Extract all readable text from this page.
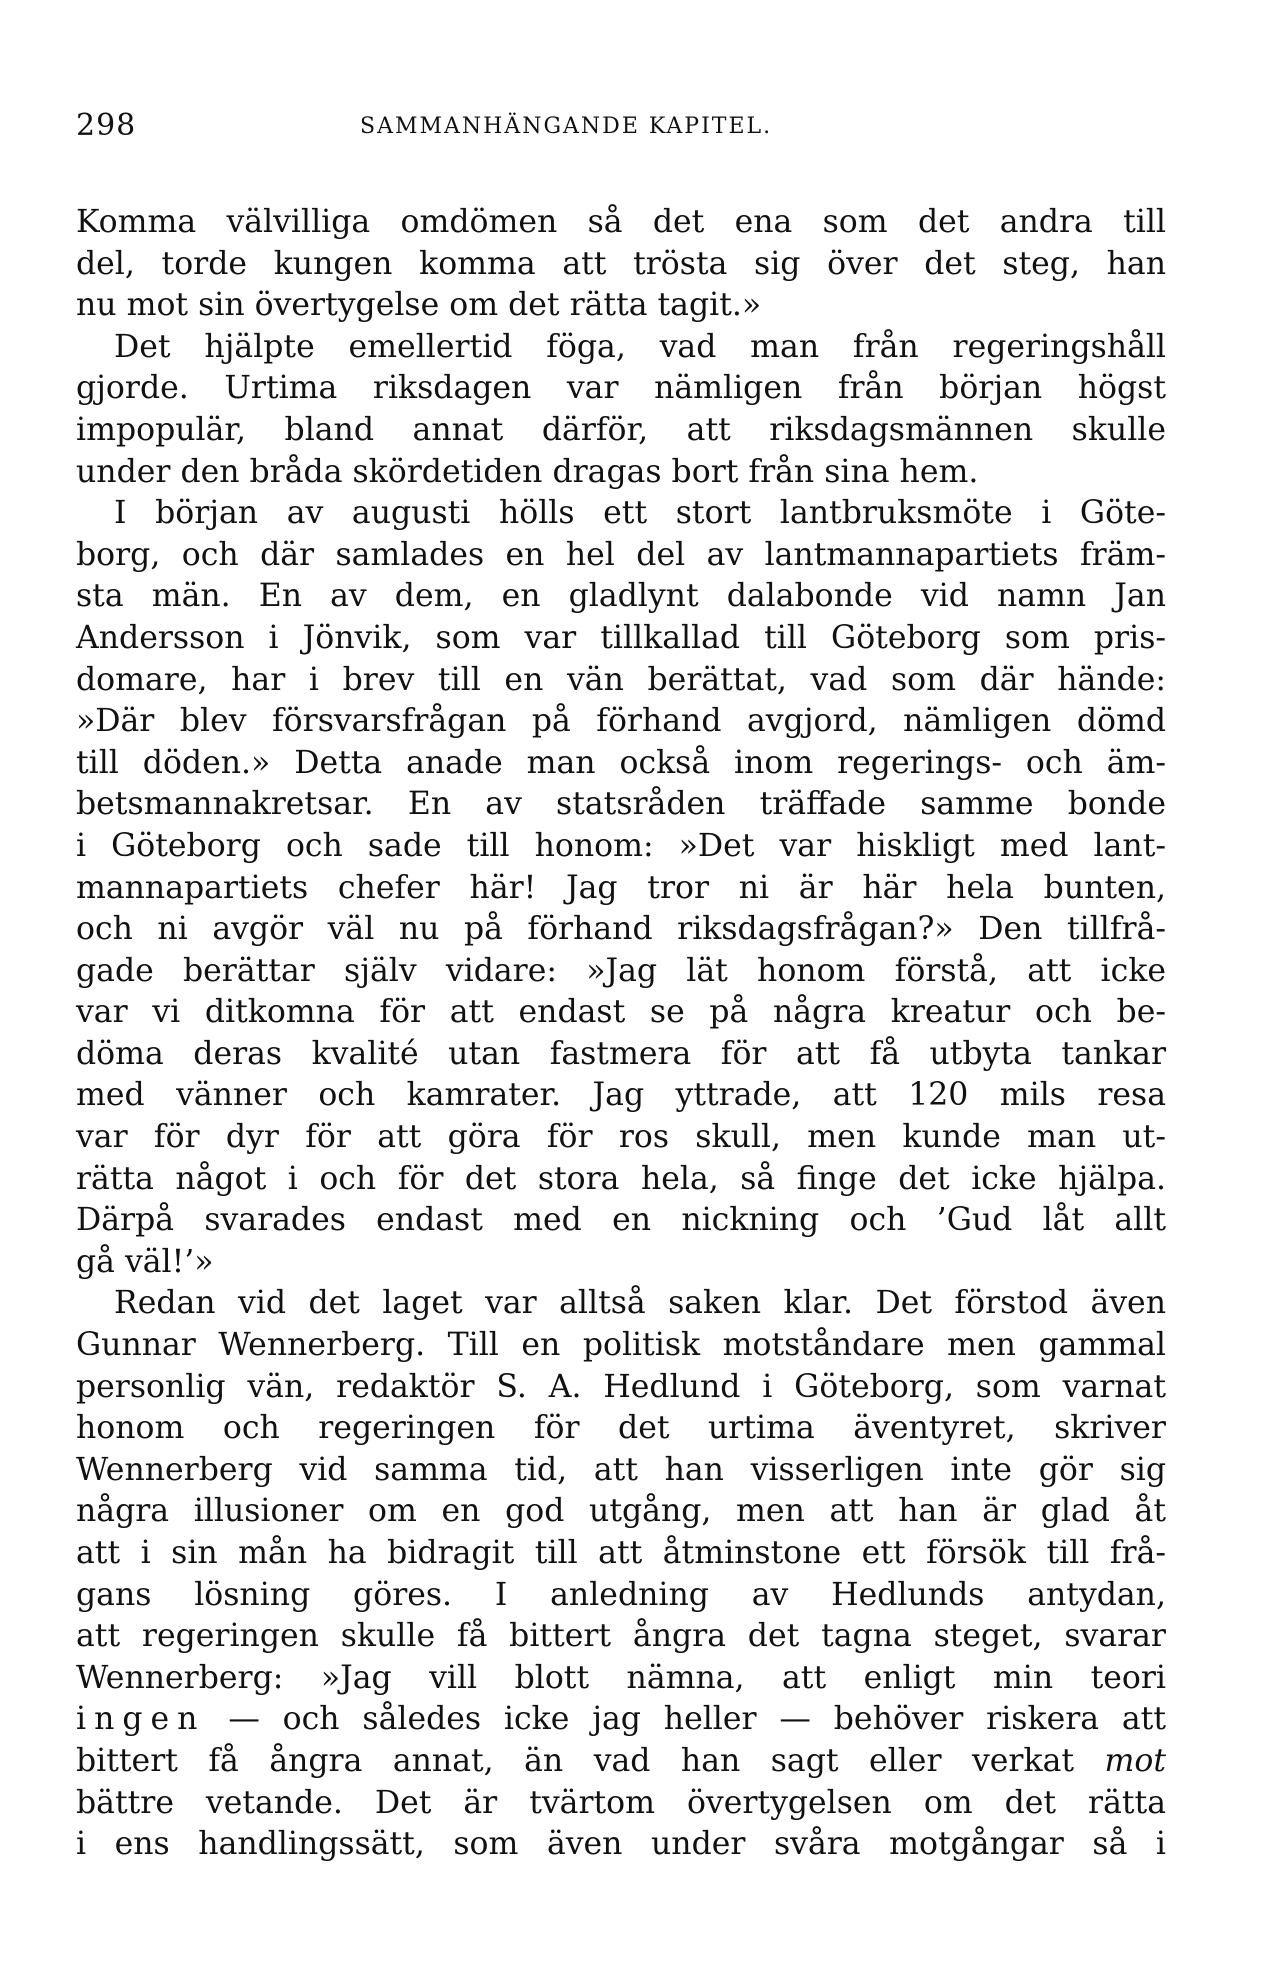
298	SAMMANHÄNGANDE KAPITEL.
Komma välvilliga omdömen så det ena som det andra till
del, torde kungen komma att trösta sig över det steg, han
nu mot sin övertygelse om det rätta tagit.»
Det hjälpte emellertid föga, vad man från regeringshåll
gjorde. Urtima riksdagen var nämligen från början högst
impopulär, bland annat därför, att riksdagsmännen skulle
under den bråda skördetiden dragas bort från sina hem.
I början av augusti hölls ett stort lantbruksmöte i Göte-
borg, och där samlades en hel del av lantmannapartiets främ-
sta män. En av dem, en gladlynt dalabonde vid namn Jan
Andersson i Jönvik, som var tillkallad till Göteborg som pris-
domare, har i brev till en vän berättat, vad som där hände:
»Där blev försvarsfrågan på förhand avgjord, nämligen dömd
till döden.» Detta anade man också inom regerings- och äm-
betsmannakretsar. En av statsråden träffade samme bonde
i Göteborg och sade till honom: »Det var hiskligt med lant-
mannapartiets chefer här! Jag tror ni är här hela bunten,
och ni avgör väl nu på förhand riksdagsfrågan?» Den tillfrå-
gade berättar själv vidare: »Jag lät honom förstå, att icke
var vi ditkomna för att endast se på några kreatur och be-
döma deras kvalité utan fastmera för att få utbyta tankar
med vänner och kamrater. Jag yttrade, att 120 mils resa
var för dyr för att göra för ros skull, men kunde man ut-
rätta något i och för det stora hela, så finge det icke hjälpa.
Därpå svarades endast med en nickning och ’Gud låt allt
gå väl!’»
Redan vid det laget var alltså saken klar. Det förstod även
Gunnar Wennerberg. Till en politisk motståndare men gammal
personlig vän, redaktör S. A. Hedlund i Göteborg, som varnat
honom och regeringen för det urtima äventyret, skriver
Wennerberg vid samma tid, att han visserligen inte gör sig
några illusioner om en god utgång, men att han är glad åt
att i sin mån ha bidragit till att åtminstone ett försök till frå-
gans lösning göres. I anledning av Hedlunds antydan,
att regeringen skulle få bittert ångra det tagna steget, svarar
Wennerberg: »Jag vill blott nämna, att enligt min teori
ingen — och således icke jag heller — behöver riskera att
bittert få ångra annat, än vad han sagt eller verkat mot
bättre vetande. Det är tvärtom övertygelsen om det rätta
i ens handlingssätt, som även under svåra motgångar så i
